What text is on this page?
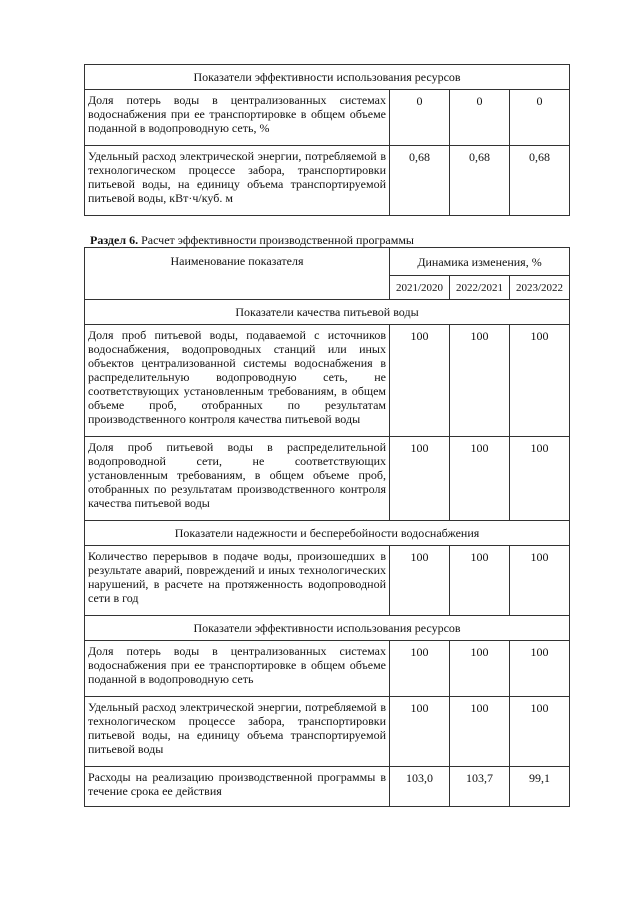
Показатели эффективности использования ресурсов			
Доля потерь воды в централизованных системах водоснабжения при ее транспортировке в общем объеме поданной в водопроводную сеть, %	0	0	0
Удельный расход электрической энергии, потребляемой в технологическом процессе забора, транспортировки питьевой воды, на единицу объема транспортируемой питьевой воды, кВт·ч/куб. м	0,68	0,68	0,68
Раздел 6. Расчет эффективности производственной программы
Наименование показателя	Динамика изменения, %		
	2021/2020	2022/2021	2023/2022
Показатели качества питьевой воды			
Доля проб питьевой воды, подаваемой с источников водоснабжения, водопроводных станций или иных объектов централизованной системы водоснабжения в распределительную водопроводную сеть, не соответствующих установленным требованиям, в общем объеме проб, отобранных по результатам производственного контроля качества питьевой воды	100	100	100
Доля проб питьевой воды в распределительной водопроводной сети, не соответствующих установленным требованиям, в общем объеме проб, отобранных по результатам производственного контроля качества питьевой воды	100	100	100
Показатели надежности и бесперебойности водоснабжения			
Количество перерывов в подаче воды, произошедших в результате аварий, повреждений и иных технологических нарушений, в расчете на протяженность водопроводной сети в год	100	100	100
Показатели эффективности использования ресурсов			
Доля потерь воды в централизованных системах водоснабжения при ее транспортировке в общем объеме поданной в водопроводную сеть	100	100	100
Удельный расход электрической энергии, потребляемой в технологическом процессе забора, транспортировки питьевой воды, на единицу объема транспортируемой питьевой воды	100	100	100
Расходы на реализацию производственной программы в течение срока ее действия	103,0	103,7	99,1
